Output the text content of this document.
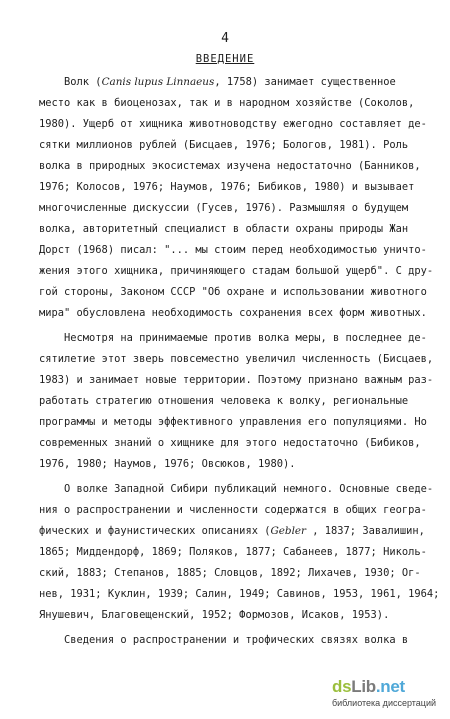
4
ВВЕДЕНИЕ
Волк (Canis lupus Linnaeus, 1758) занимает существенное
место как в биоценозах, так и в народном хозяйстве (Соколов,
1980). Ущерб от хищника животноводству ежегодно составляет де-
сятки миллионов рублей (Бисцаев, 1976; Бологов, 1981). Роль
волка в природных экосистемах изучена недостаточно (Банников,
1976; Колосов, 1976; Наумов, 1976; Бибиков, 1980) и вызывает
многочисленные дискуссии (Гусев, 1976). Размышляя о будущем
волка, авторитетный специалист в области охраны природы Жан
Дорст (1968) писал: "... мы стоим перед необходимостью уничто-
жения этого хищника, причиняющего стадам большой ущерб". С дру-
гой стороны, Законом СССР "Об охране и использовании животного
мира" обусловлена необходимость сохранения всех форм животных.
Несмотря на принимаемые против волка меры, в последнее де-
сятилетие этот зверь повсеместно увеличил численность (Бисцаев,
1983) и занимает новые территории. Поэтому признано важным раз-
работать стратегию отношения человека к волку, региональные
программы и методы эффективного управления его популяциями. Но
современных знаний о хищнике для этого недостаточно (Бибиков,
1976, 1980; Наумов, 1976; Овсюков, 1980).
О волке Западной Сибири публикаций немного. Основные сведе-
ния о распространении и численности содержатся в общих геогра-
фических и фаунистических описаниях (Gebler , 1837; Завалишин,
1865; Миддендорф, 1869; Поляков, 1877; Сабанеев, 1877; Николь-
ский, 1883; Степанов, 1885; Словцов, 1892; Лихачев, 1930; Ог-
нев, 1931; Куклин, 1939; Салин, 1949; Савинов, 1953, 1961, 1964;
Янушевич, Благовещенский, 1952; Формозов, Исаков, 1953).
Сведения о распространении и трофических связях волка в
dsLib.net
библиотека диссертаций
